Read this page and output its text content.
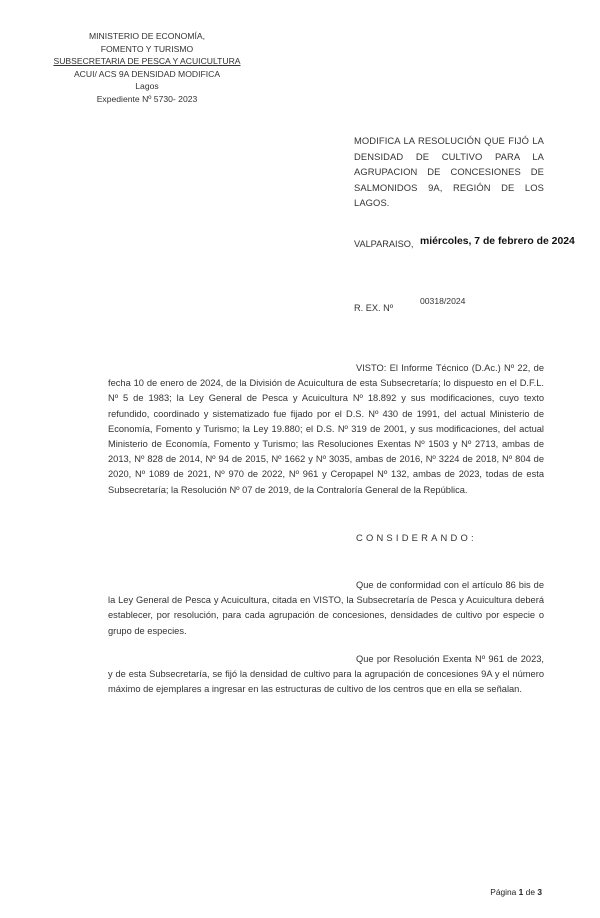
MINISTERIO DE ECONOMÍA,
FOMENTO Y TURISMO
SUBSECRETARIA DE PESCA Y ACUICULTURA
ACUI/ ACS 9A DENSIDAD MODIFICA
Lagos
Expediente Nº 5730- 2023
MODIFICA LA RESOLUCIÓN QUE FIJÓ LA DENSIDAD DE CULTIVO PARA LA AGRUPACION DE CONCESIONES DE SALMONIDOS 9A, REGIÓN DE LOS LAGOS.
VALPARAISO, miércoles, 7 de febrero de 2024
R. EX. Nº
00318/2024

VISTO: El Informe Técnico (D.Ac.) Nº 22, de fecha 10 de enero de 2024, de la División de Acuicultura de esta Subsecretaría; lo dispuesto en el D.F.L. Nº 5 de 1983; la Ley General de Pesca y Acuicultura Nº 18.892 y sus modificaciones, cuyo texto refundido, coordinado y sistematizado fue fijado por el D.S. Nº 430 de 1991, del actual Ministerio de Economía, Fomento y Turismo; la Ley 19.880; el D.S. Nº 319 de 2001, y sus modificaciones, del actual Ministerio de Economía, Fomento y Turismo; las Resoluciones Exentas Nº 1503 y Nº 2713, ambas de 2013, Nº 828 de 2014, Nº 94 de 2015, Nº 1662 y Nº 3035, ambas de 2016, Nº 3224 de 2018, Nº 804 de 2020, Nº 1089 de 2021, Nº 970 de 2022, Nº 961 y Ceropapel Nº 132, ambas de 2023, todas de esta Subsecretaría; la Resolución Nº 07 de 2019, de la Contraloría General de la República.

CONSIDERANDO:

Que de conformidad con el artículo 86 bis de la Ley General de Pesca y Acuicultura, citada en VISTO, la Subsecretaría de Pesca y Acuicultura deberá establecer, por resolución, para cada agrupación de concesiones, densidades de cultivo por especie o grupo de especies.

Que por Resolución Exenta Nº 961 de 2023, y de esta Subsecretaría, se fijó la densidad de cultivo para la agrupación de concesiones 9A y el número máximo de ejemplares a ingresar en las estructuras de cultivo de los centros que en ella se señalan.

Página 1 de 3
